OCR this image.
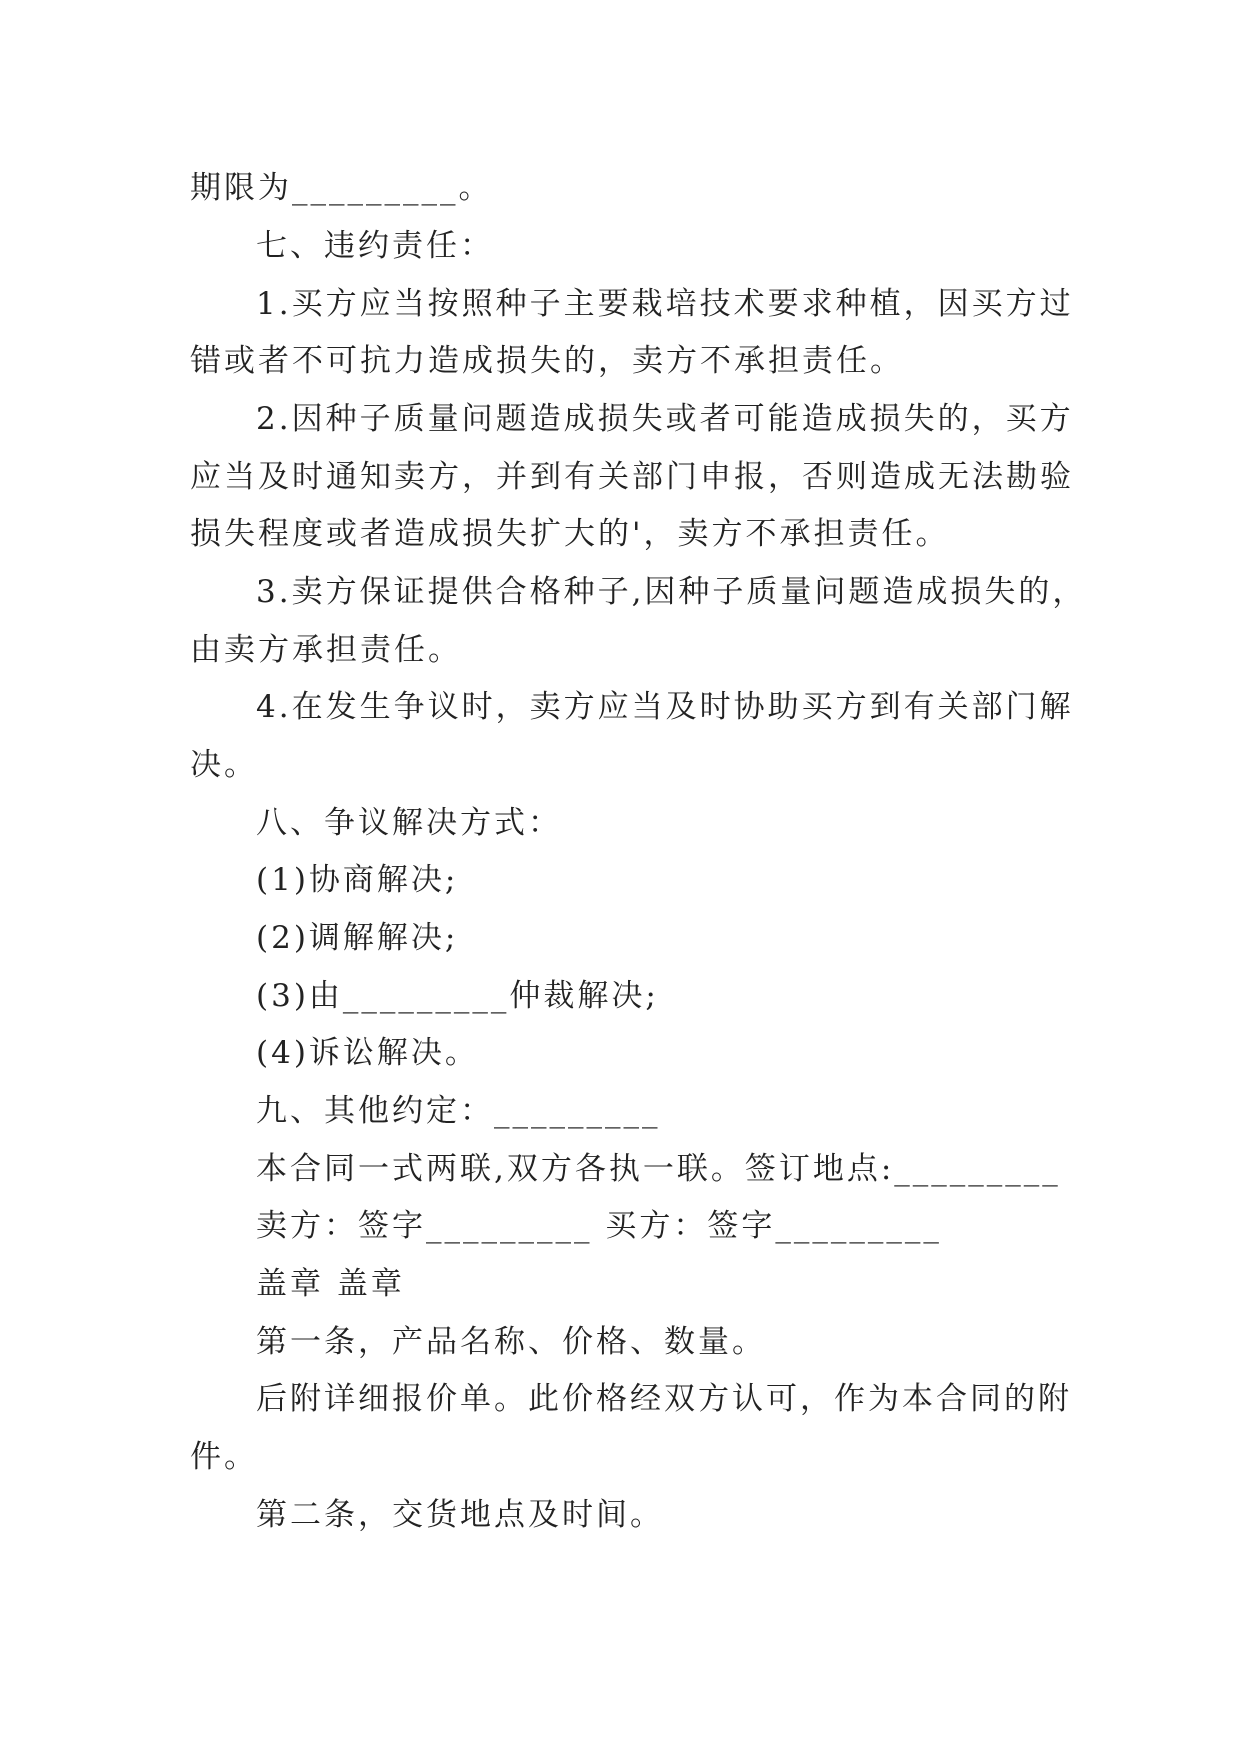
期限为_________。
七、违约责任：
1.买方应当按照种子主要栽培技术要求种植，因买方过
错或者不可抗力造成损失的，卖方不承担责任。
2.因种子质量问题造成损失或者可能造成损失的，买方
应当及时通知卖方，并到有关部门申报，否则造成无法勘验
损失程度或者造成损失扩大的'，卖方不承担责任。
3.卖方保证提供合格种子,因种子质量问题造成损失的，
由卖方承担责任。
4.在发生争议时，卖方应当及时协助买方到有关部门解
决。
八、争议解决方式：
(1)协商解决;
(2)调解解决;
(3)由_________仲裁解决;
(4)诉讼解决。
九、其他约定：_________
本合同一式两联,双方各执一联。签订地点:_________
卖方：签字_________ 买方：签字_________
盖章 盖章
第一条，产品名称、价格、数量。
后附详细报价单。此价格经双方认可，作为本合同的附
件。
第二条，交货地点及时间。
